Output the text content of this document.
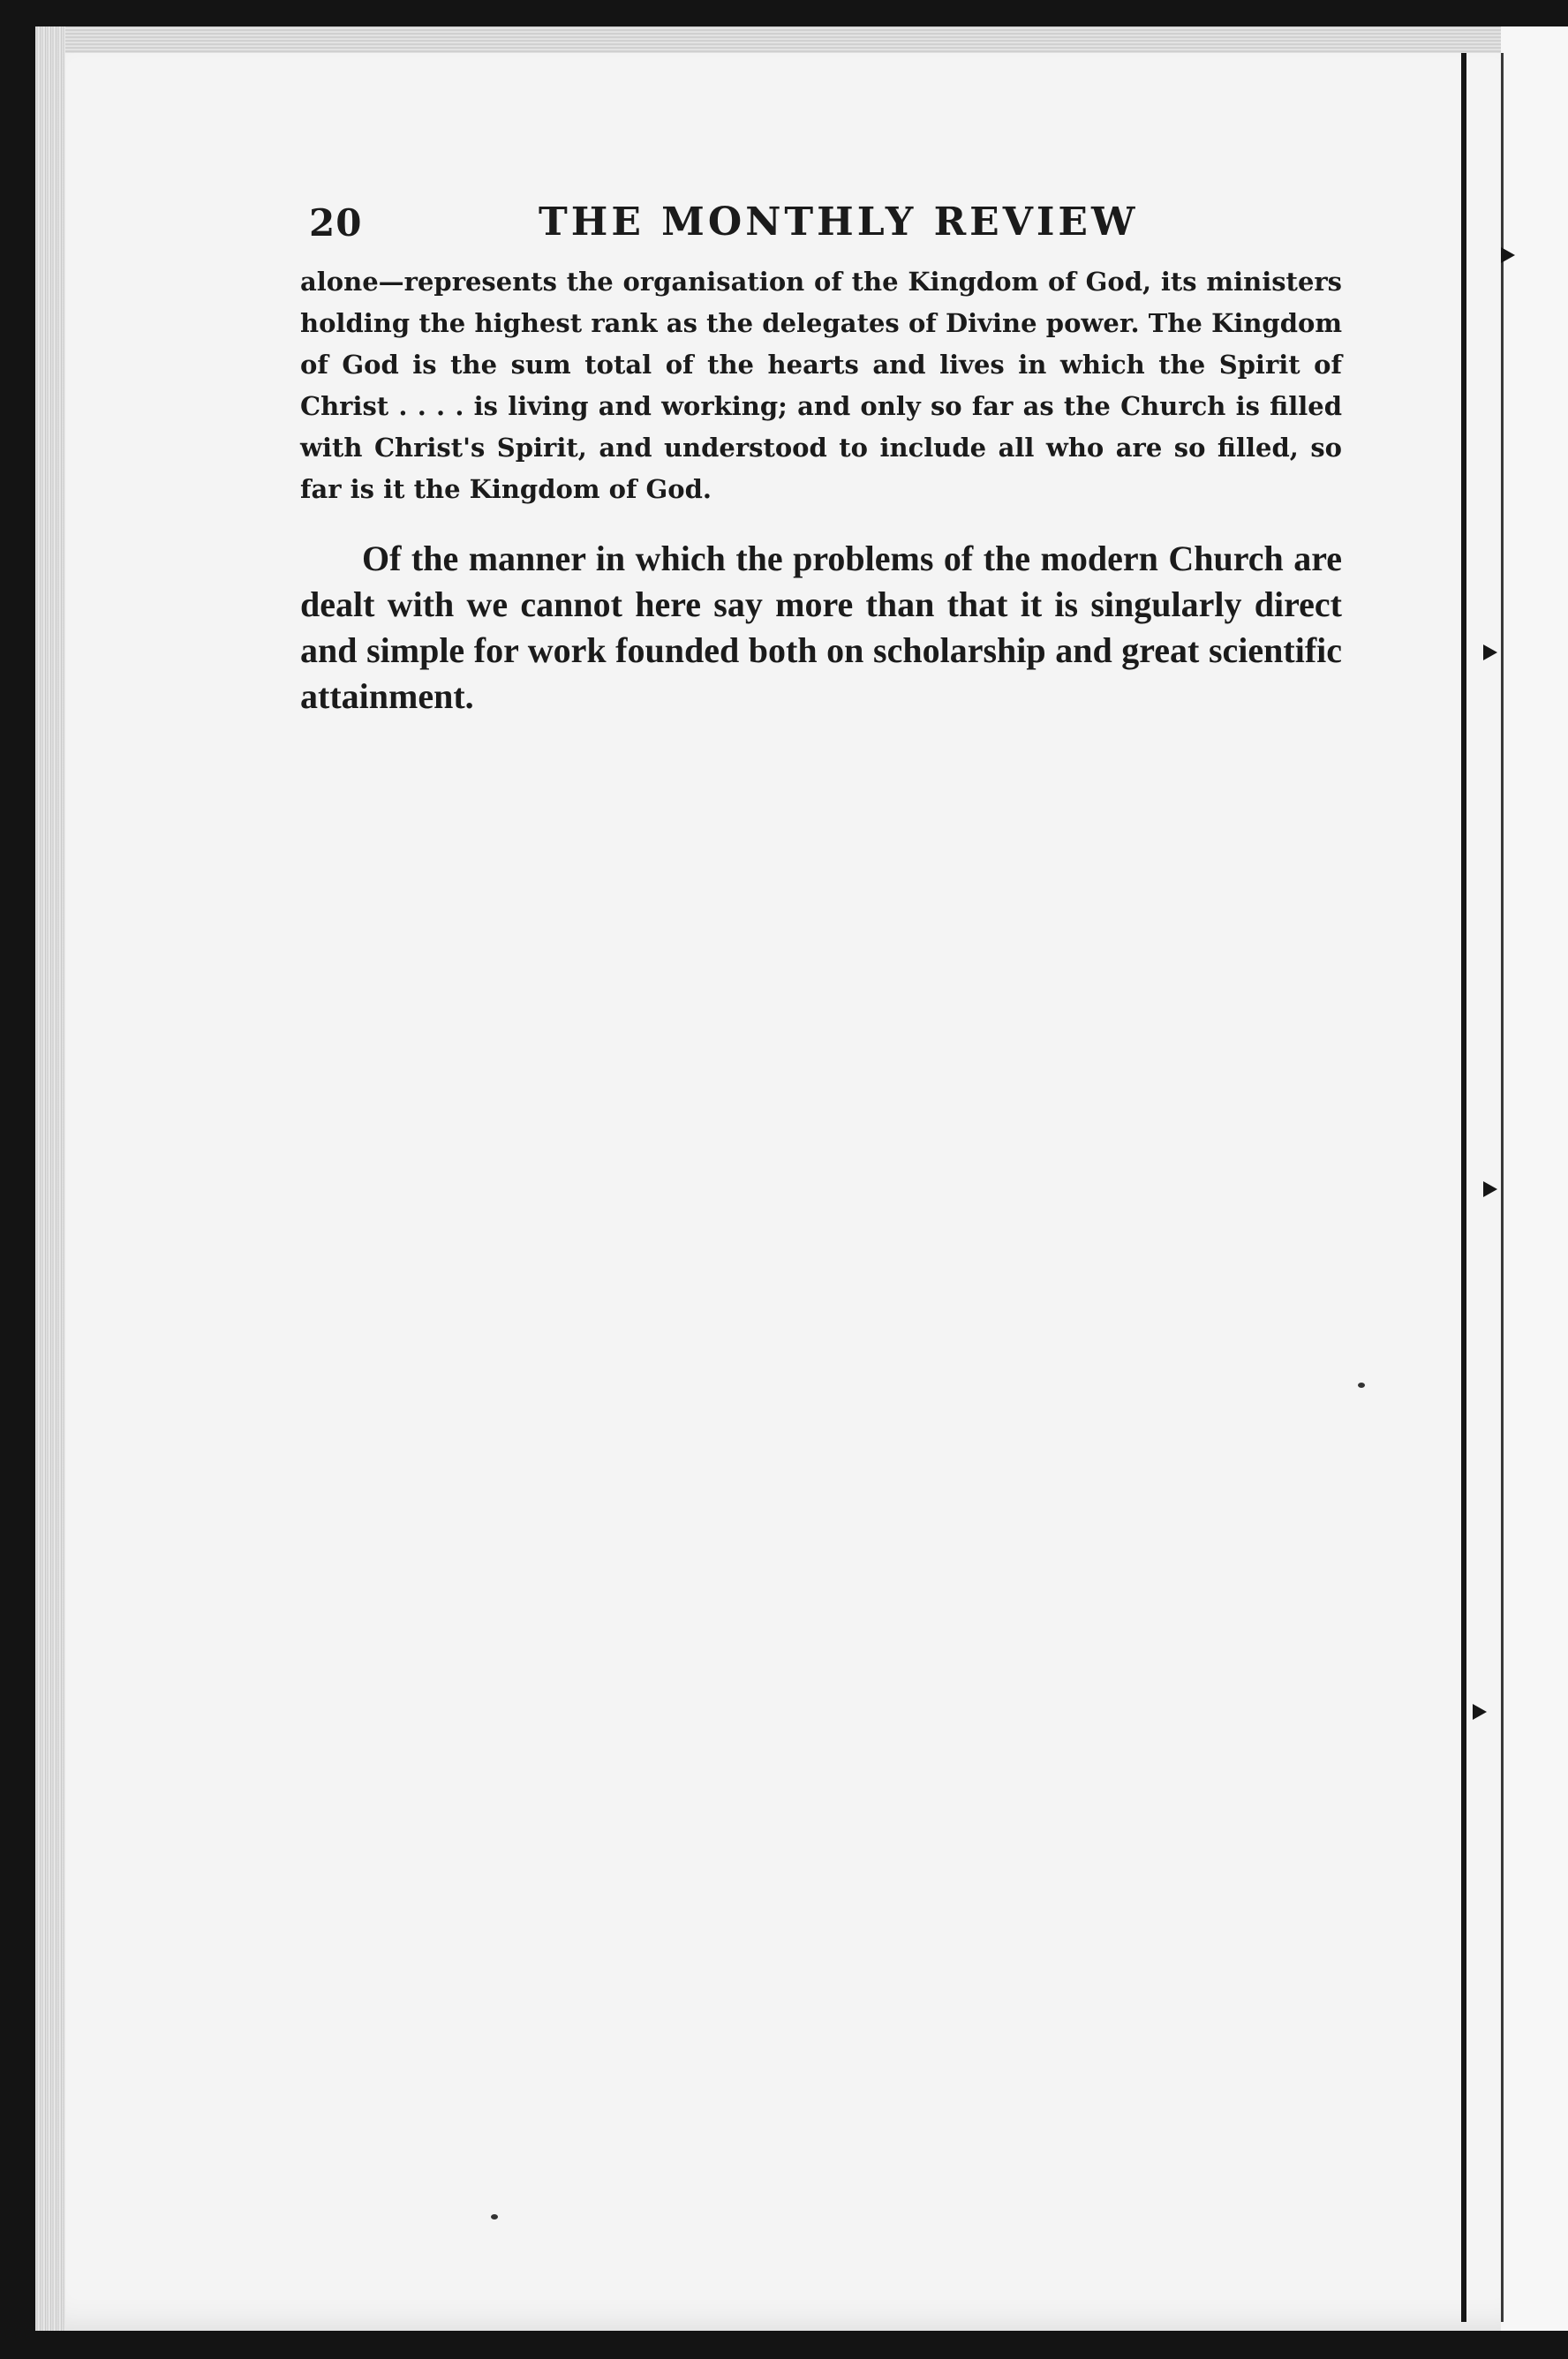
20	THE MONTHLY REVIEW

alone—represents the organisation of the Kingdom of God, its ministers holding the highest rank as the delegates of Divine power. The Kingdom of God is the sum total of the hearts and lives in which the Spirit of Christ . . . . is living and working; and only so far as the Church is filled with Christ's Spirit, and understood to include all who are so filled, so far is it the Kingdom of God.

Of the manner in which the problems of the modern Church are dealt with we cannot here say more than that it is singularly direct and simple for work founded both on scholarship and great scientific attainment.
